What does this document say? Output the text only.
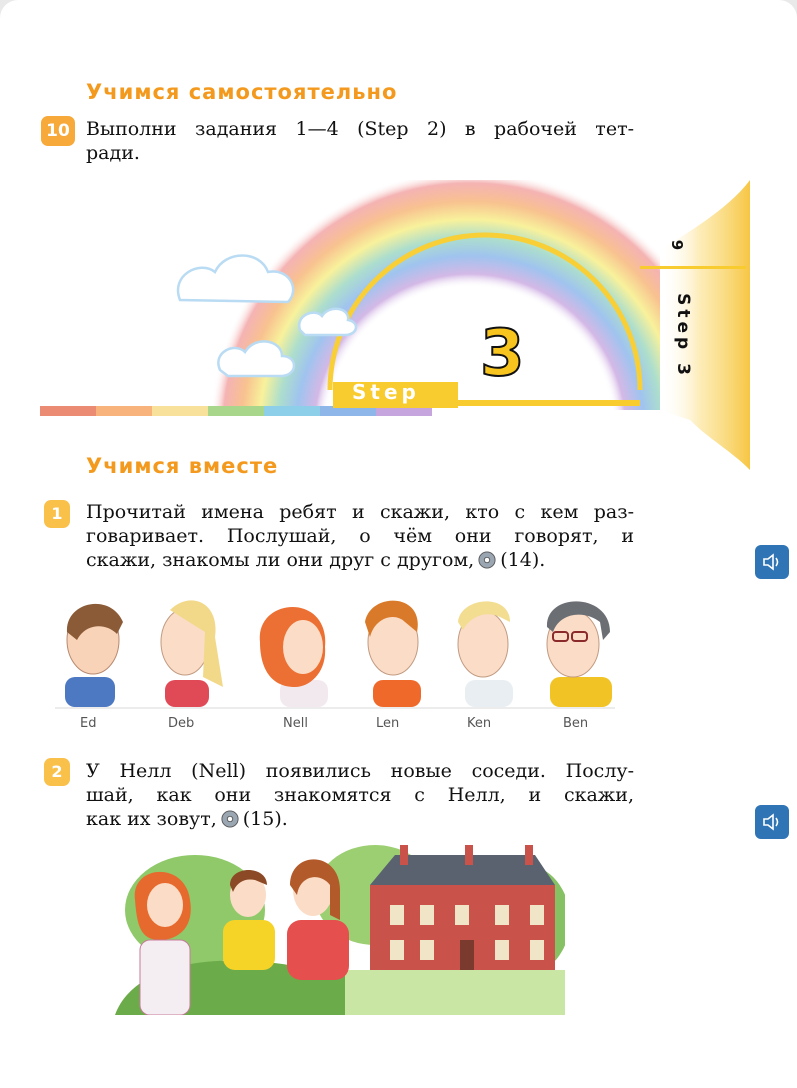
Учимся самостоятельно
10 Выполни задания 1—4 (Step 2) в рабочей тет-
ради.
Step
3
9
Step 3
Учимся вместе
1	Прочитай имена ребят и скажи, кто с кем раз-
говаривает. Послушай, о чём они говорят, и
скажи, знакомы ли они друг с другом, (14).
Ed	Deb	Nell	Len	Ken	Ben
2	У Нелл (Nell) появились новые соседи. Послу-
шай, как они знакомятся с Нелл, и скажи,
как их зовут, (15).
